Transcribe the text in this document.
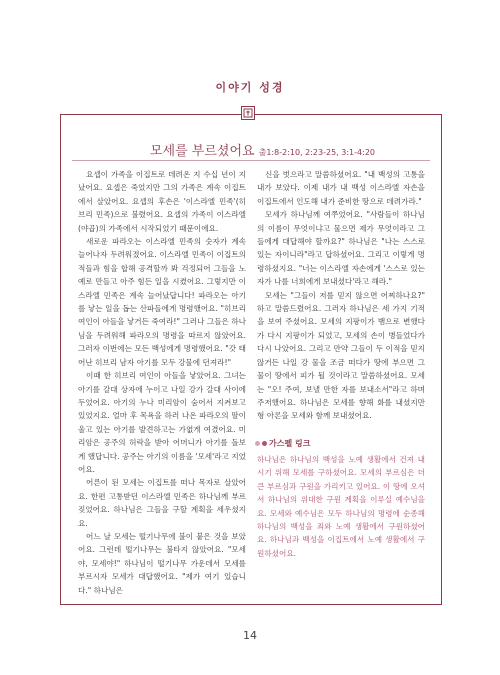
이야기 성경
모세를 부르셨어요 출1:8-2:10, 2:23-25, 3:1-4:20

요셉이 가족을 이집트로 데려온 지 수십 년이 지났어요. 요셉은 죽었지만 그의 가족은 계속 이집트에서 살았어요. 요셉의 후손은 '이스라엘 민족'(히브리 민족)으로 불렸어요. 요셉의 가족이 이스라엘(야곱)의 가족에서 시작되었기 때문이에요.

새로운 파라오는 이스라엘 민족의 숫자가 계속 늘어나자 두려워졌어요. 이스라엘 민족이 이집트의 적들과 힘을 합해 공격할까 봐 걱정되어 그들을 노예로 만들고 아주 힘든 일을 시켰어요. 그렇지만 이스라엘 민족은 계속 늘어났답니다! 파라오는 아기를 낳는 일을 돕는 산파들에게 명령했어요. "히브리 여인이 아들을 낳거든 죽여라!" 그러나 그들은 하나님을 두려워해 파라오의 명령을 따르지 않았어요. 그러자 이번에는 모든 백성에게 명령했어요. "갓 태어난 히브리 남자 아기를 모두 강물에 던져라!"

이때 한 히브리 여인이 아들을 낳았어요. 그녀는 아기를 갈대 상자에 누이고 나일 강가 갈대 사이에 두었어요. 아기의 누나 미리암이 숨어서 지켜보고 있었지요. 얼마 후 목욕을 하러 나온 파라오의 딸이 울고 있는 아기를 발견하고는 가엾게 여겼어요. 미리암은 공주의 허락을 받아 어머니가 아기를 돌보게 했답니다. 공주는 아기의 이름을 '모세'라고 지었어요.

어른이 된 모세는 이집트를 떠나 목자로 살았어요. 한편 고통받던 이스라엘 민족은 하나님께 부르짖었어요. 하나님은 그들을 구할 계획을 세우셨지요.

어느 날 모세는 떨기나무에 불이 붙은 것을 보았어요. 그런데 떨기나무는 불타지 않았어요. "모세야, 모세야!" 하나님이 떨기나무 가운데서 모세를 부르시자 모세가 대답했어요. "제가 여기 있습니다." 하나님은

신을 벗으라고 말씀하셨어요. "내 백성의 고통을 내가 보았다. 이제 내가 내 백성 이스라엘 자손을 이집트에서 인도해 내가 준비한 땅으로 데려가라."

모세가 하나님께 여쭈었어요. "사람들이 하나님의 이름이 무엇이냐고 물으면 제가 무엇이라고 그들에게 대답해야 할까요?" 하나님은 "나는 스스로 있는 자이니라"라고 답하셨어요. 그리고 이렇게 명령하셨지요. "너는 이스라엘 자손에게 '스스로 있는 자가 나를 너희에게 보내셨다'라고 해라."

모세는 "그들이 저를 믿지 않으면 어찌하나요?" 하고 말씀드렸어요. 그러자 하나님은 세 가지 기적을 보여 주셨어요. 모세의 지팡이가 뱀으로 변했다가 다시 지팡이가 되었고, 모세의 손이 병들었다가 다시 나았어요. 그리고 만약 그들이 두 이적을 믿지 않거든 나일 강 물을 조금 떠다가 땅에 부으면 그 물이 땅에서 피가 될 것이라고 말씀하셨어요. 모세는 "오! 주여, 보낼 만한 자를 보내소서"라고 하며 주저했어요. 하나님은 모세를 향해 화를 내셨지만 형 아론을 모세와 함께 보내셨어요.

가스펠 링크
하나님은 하나님의 백성을 노예 생활에서 건져 내시기 위해 모세를 구하셨어요. 모세의 부르심은 더 큰 부르심과 구원을 가리키고 있어요. 이 땅에 오셔서 하나님의 위대한 구원 계획을 이루실 예수님을요. 모세와 예수님은 모두 하나님의 명령에 순종해 하나님의 백성을 죄와 노예 생활에서 구원하셨어요. 하나님과 백성을 이집트에서 노예 생활에서 구원하셨어요.
14
